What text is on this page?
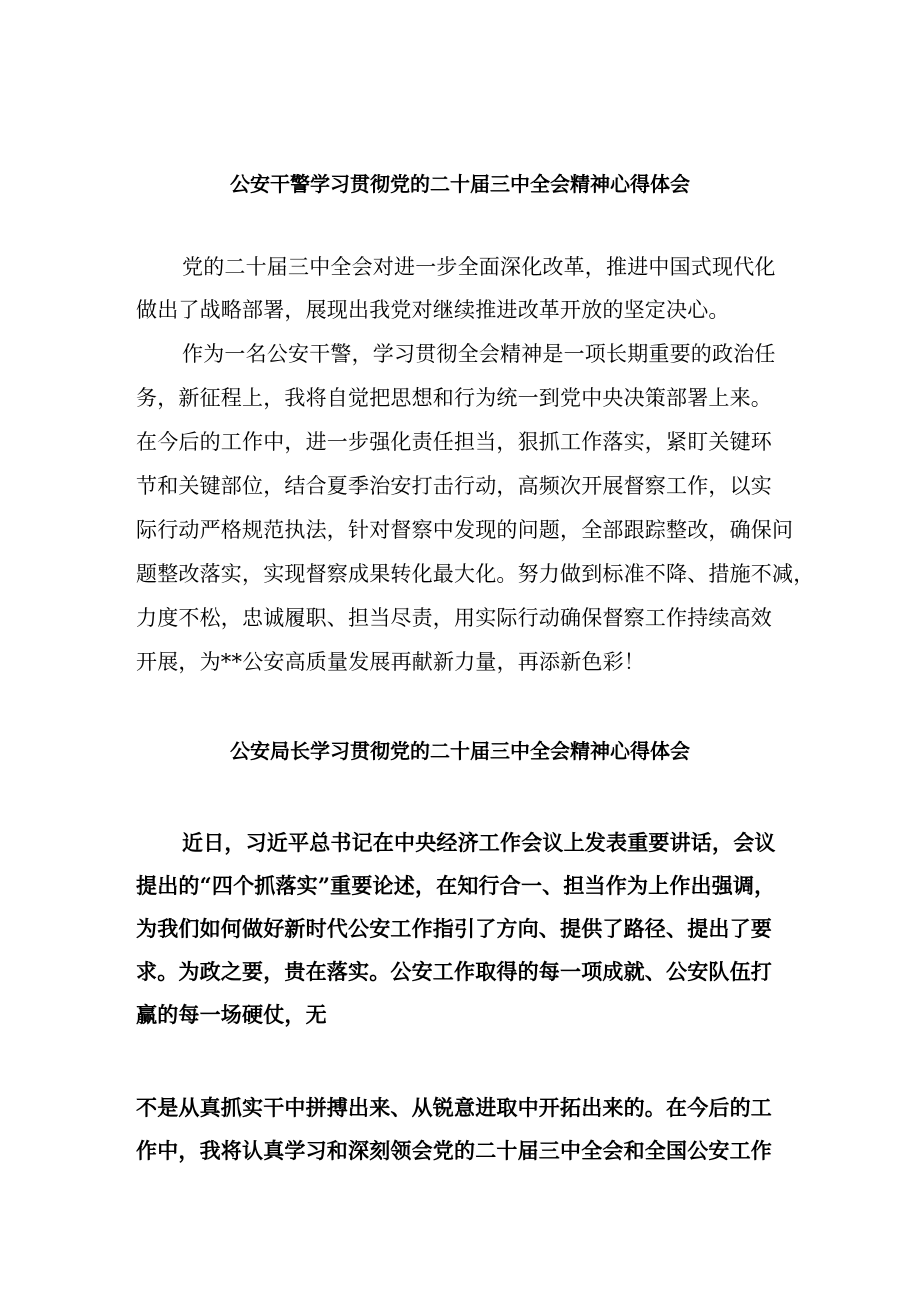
公安干警学习贯彻党的二十届三中全会精神心得体会
党的二十届三中全会对进一步全面深化改革，推进中国式现代化
做出了战略部署，展现出我党对继续推进改革开放的坚定决心。
作为一名公安干警，学习贯彻全会精神是一项长期重要的政治任
务，新征程上，我将自觉把思想和行为统一到党中央决策部署上来。
在今后的工作中，进一步强化责任担当，狠抓工作落实，紧盯关键环
节和关键部位，结合夏季治安打击行动，高频次开展督察工作，以实
际行动严格规范执法，针对督察中发现的问题，全部跟踪整改，确保问
题整改落实，实现督察成果转化最大化。努力做到标准不降、措施不减，
力度不松，忠诚履职、担当尽责，用实际行动确保督察工作持续高效
开展，为**公安高质量发展再献新力量，再添新色彩！
公安局长学习贯彻党的二十届三中全会精神心得体会
近日，习近平总书记在中央经济工作会议上发表重要讲话，会议
提出的“四个抓落实”重要论述，在知行合一、担当作为上作出强调，
为我们如何做好新时代公安工作指引了方向、提供了路径、提出了要
求。为政之要，贵在落实。公安工作取得的每一项成就、公安队伍打
赢的每一场硬仗，无
不是从真抓实干中拼搏出来、从锐意进取中开拓出来的。在今后的工
作中，我将认真学习和深刻领会党的二十届三中全会和全国公安工作
